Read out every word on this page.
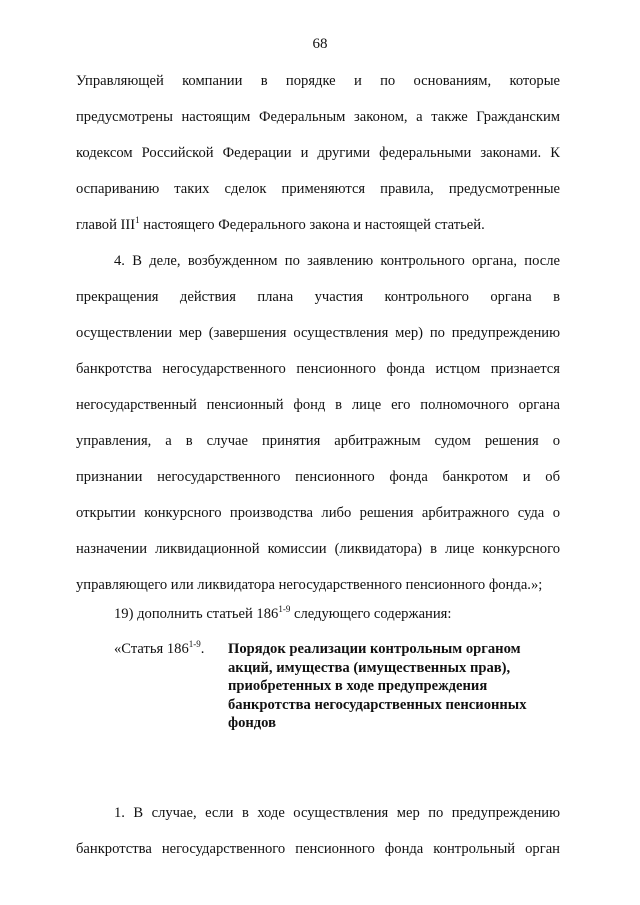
68
Управляющей компании в порядке и по основаниям, которые
предусмотрены настоящим Федеральным законом, а также Гражданским
кодексом Российской Федерации и другими федеральными законами. К
оспариванию таких сделок применяются правила, предусмотренные
главой III$^1$ настоящего Федерального закона и настоящей статьей.
4. В деле, возбужденном по заявлению контрольного органа, после
прекращения действия плана участия контрольного органа в
осуществлении мер (завершения осуществления мер) по предупреждению
банкротства негосударственного пенсионного фонда истцом признается
негосударственный пенсионный фонд в лице его полномочного органа
управления, а в случае принятия арбитражным судом решения о
признании негосударственного пенсионного фонда банкротом и об
открытии конкурсного производства либо решения арбитражного суда о
назначении ликвидационной комиссии (ликвидатора) в лице конкурсного
управляющего или ликвидатора негосударственного пенсионного фонда.»;
19) дополнить статьей 186$^{1-9}$ следующего содержания:
«Статья 186$^{1-9}$. Порядок реализации контрольным органом
акций, имущества (имущественных прав),
приобретенных в ходе предупреждения
банкротства негосударственных пенсионных
фондов
1. В случае, если в ходе осуществления мер по предупреждению
банкротства негосударственного пенсионного фонда контрольный орган
